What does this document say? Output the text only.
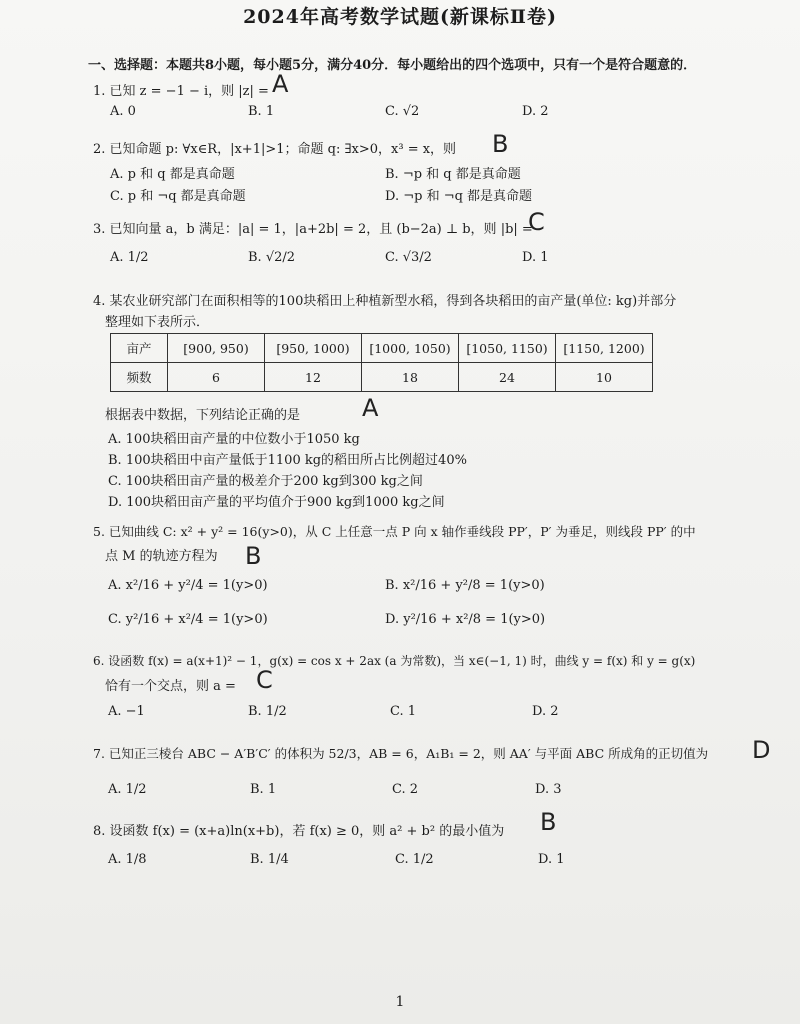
2024年高考数学试题(新课标Ⅱ卷)
一、选择题：本题共8小题，每小题5分，满分40分．每小题给出的四个选项中，只有一个是符合题意的．
1. 已知 z = −1 − i，则 |z| = A
A. 0	B. 1	C. √2	D. 2
2. 已知命题 p: ∀x∈R，|x+1|>1；命题 q: ∃x>0，x³ = x，则 B
A. p 和 q 都是真命题	B. ¬p 和 q 都是真命题
C. p 和 ¬q 都是真命题	D. ¬p 和 ¬q 都是真命题
3. 已知向量 a，b 满足：|a| = 1，|a+2b| = 2，且 (b−2a) ⊥ b，则 |b| =
C
A. 1/2	B. √2/2	C. √3/2	D. 1
4. 某农业研究部门在面积相等的100块稻田上种植新型水稻，得到各块稻田的亩产量(单位: kg)并部分
整理如下表所示．
亩产	[900, 950)	[950, 1000)	[1000, 1050)	[1050, 1150)	[1150, 1200)
频数	6	12	18	24	10
根据表中数据，下列结论正确的是	A
A. 100块稻田亩产量的中位数小于1050 kg
B. 100块稻田中亩产量低于1100 kg的稻田所占比例超过40%
C. 100块稻田亩产量的极差介于200 kg到300 kg之间
D. 100块稻田亩产量的平均值介于900 kg到1000 kg之间
5. 已知曲线 C: x² + y² = 16(y>0)，从 C 上任意一点 P 向 x 轴作垂线段 PP′，P′ 为垂足，则线段 PP′ 的中
点 M 的轨迹方程为 B
A. x²/16 + y²/4 = 1(y>0)	B. x²/16 + y²/8 = 1(y>0)
C. y²/16 + x²/4 = 1(y>0)	D. y²/16 + x²/8 = 1(y>0)
6. 设函数 f(x) = a(x+1)² − 1，g(x) = cos x + 2ax (a 为常数)，当 x∈(−1, 1) 时，曲线 y = f(x) 和 y = g(x)
恰有一个交点，则 a = C
A. −1	B. 1/2	C. 1	D. 2
7. 已知正三棱台 ABC − A′B′C′ 的体积为 52/3，AB = 6，A₁B₁ = 2，则 AA′ 与平面 ABC 所成角的正切值为 D
A. 1/2	B. 1	C. 2	D. 3
8. 设函数 f(x) = (x+a)ln(x+b)，若 f(x) ≥ 0，则 a² + b² 的最小值为 B
A. 1/8	B. 1/4	C. 1/2	D. 1
1
